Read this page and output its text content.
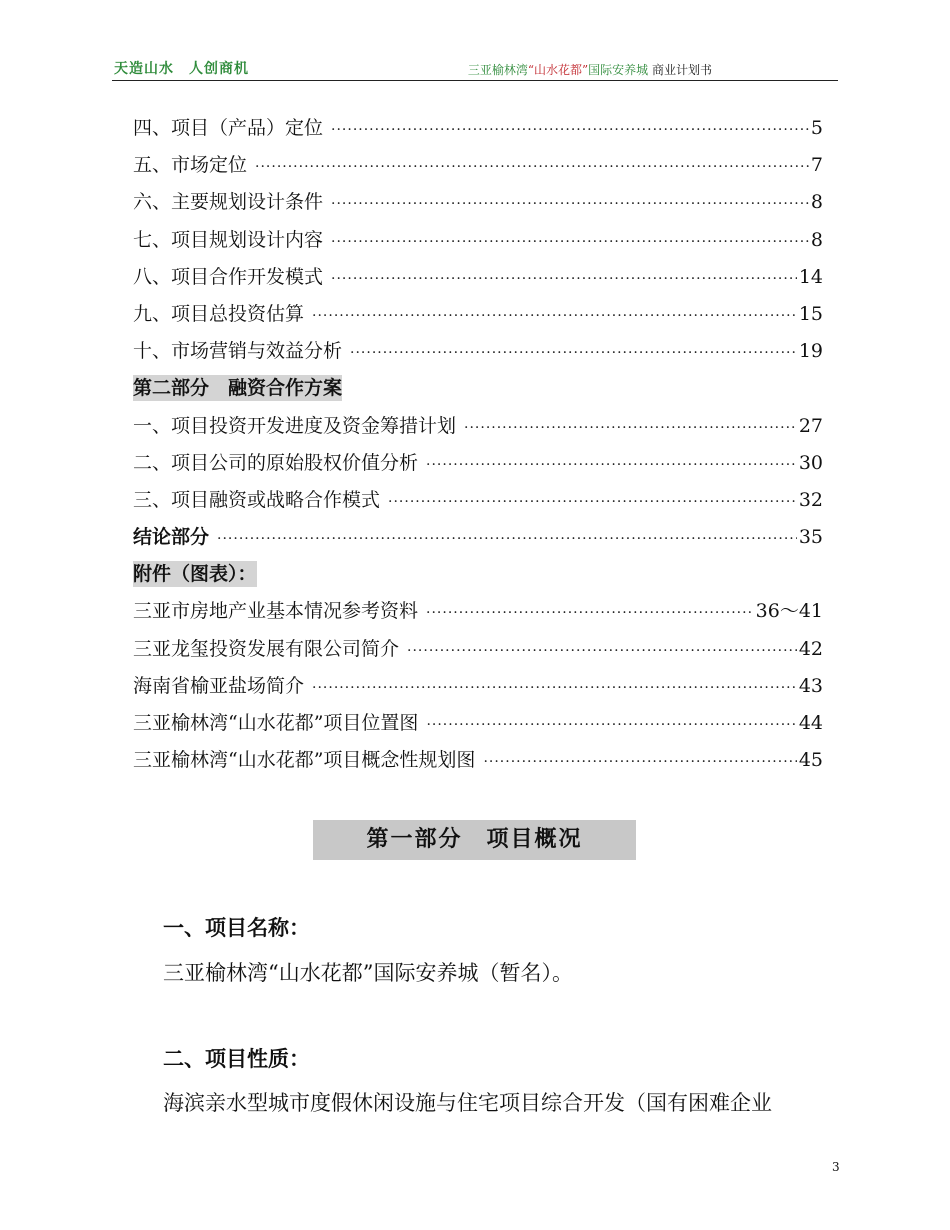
天造山水　人创商机	三亚榆林湾“山水花都”国际安养城 商业计划书
四、项目（产品）定位 ·····	5
五、市场定位 ·····	7
六、主要规划设计条件 ·····	8
七、项目规划设计内容 ·····	8
八、项目合作开发模式 ·····	14
九、项目总投资估算 ·····	15
十、市场营销与效益分析 ·····	19
第二部分　融资合作方案
一、项目投资开发进度及资金筹措计划 ·····	27
二、项目公司的原始股权价值分析 ·····	30
三、项目融资或战略合作模式 ·····	32
结论部分 ·····	35
附件（图表）：
三亚市房地产业基本情况参考资料 ·····	36～41
三亚龙玺投资发展有限公司简介 ·····	42
海南省榆亚盐场简介 ·····	43
三亚榆林湾“山水花都”项目位置图 ·····	44
三亚榆林湾“山水花都”项目概念性规划图 ·····	45
第一部分　项目概况
一、项目名称：
三亚榆林湾“山水花都”国际安养城（暂名）。
二、项目性质：
海滨亲水型城市度假休闲设施与住宅项目综合开发（国有困难企业
3
